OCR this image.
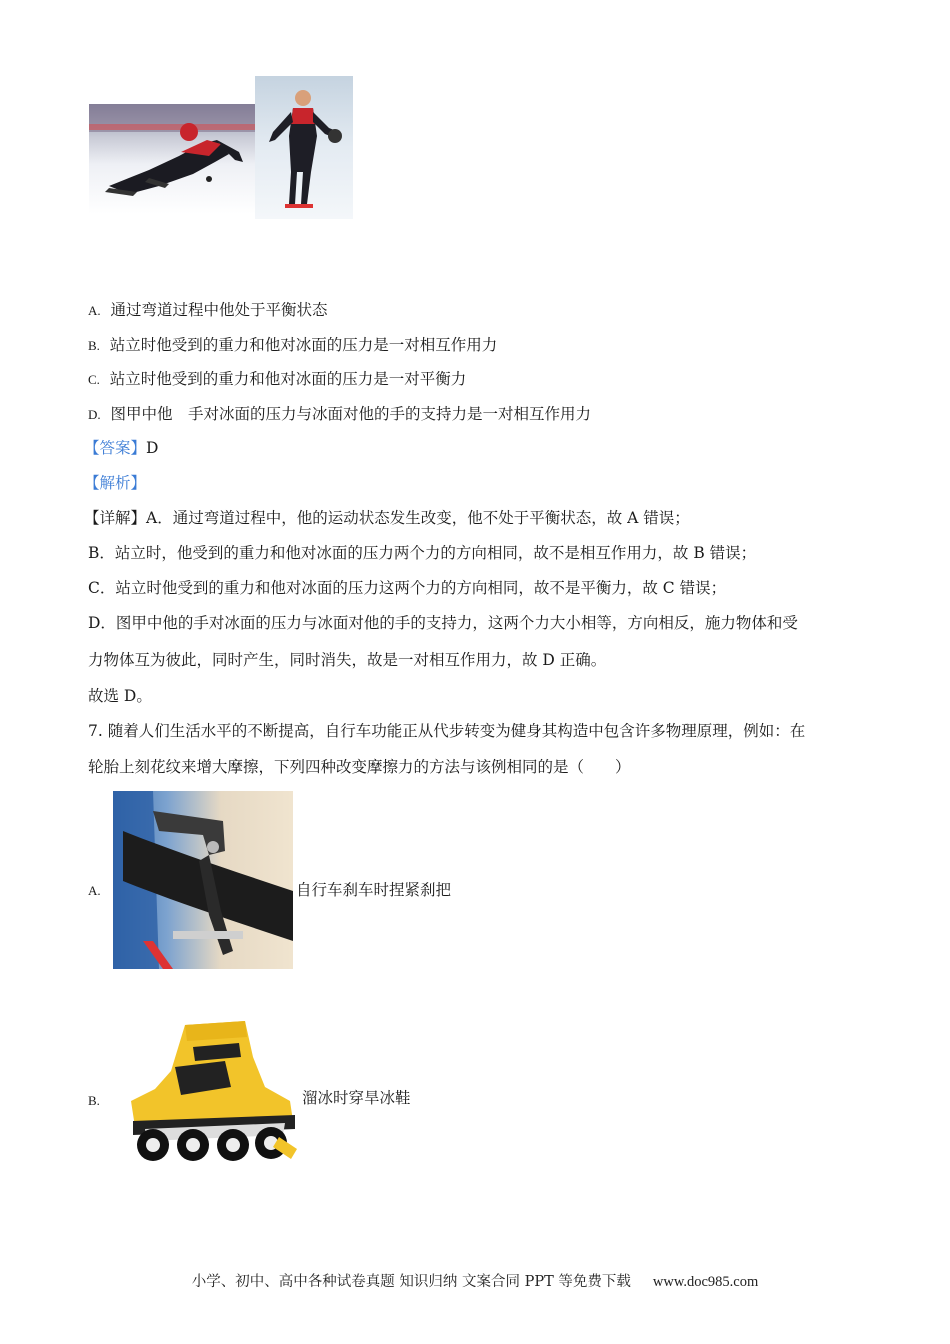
A. 通过弯道过程中他处于平衡状态
B. 站立时他受到的重力和他对冰面的压力是一对相互作用力
C. 站立时他受到的重力和他对冰面的压力是一对平衡力
D. 图甲中他　手对冰面的压力与冰面对他的手的支持力是一对相互作用力
【答案】D
【解析】
【详解】A．通过弯道过程中，他的运动状态发生改变，他不处于平衡状态，故 A 错误；
B．站立时，他受到的重力和他对冰面的压力两个力的方向相同，故不是相互作用力，故 B 错误；
C．站立时他受到的重力和他对冰面的压力这两个力的方向相同，故不是平衡力，故 C 错误；
D．图甲中他的手对冰面的压力与冰面对他的手的支持力，这两个力大小相等，方向相反，施力物体和受
力物体互为彼此，同时产生，同时消失，故是一对相互作用力，故 D 正确。
故选 D。
7. 随着人们生活水平的不断提高，自行车功能正从代步转变为健身其构造中包含许多物理原理，例如：在
轮胎上刻花纹来增大摩擦，下列四种改变摩擦力的方法与该例相同的是（　　）
A.	自行车刹车时捏紧刹把
B.	溜冰时穿旱冰鞋
小学、初中、高中各种试卷真题 知识归纳 文案合同 PPT 等免费下载 www.doc985.com
